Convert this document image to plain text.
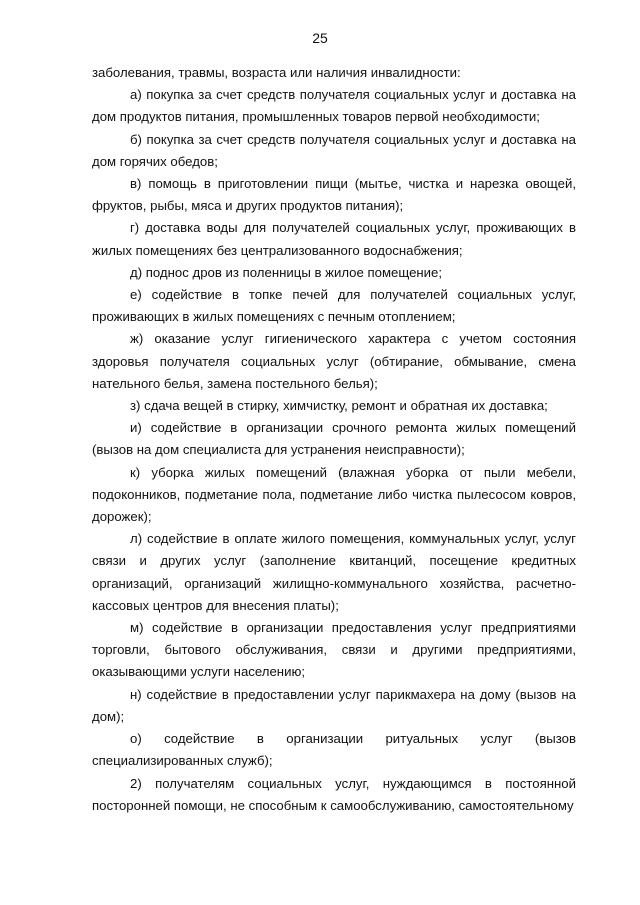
25

заболевания, травмы, возраста или наличия инвалидности:

а) покупка за счет средств получателя социальных услуг и доставка на дом продуктов питания, промышленных товаров первой необходимости;

б) покупка за счет средств получателя социальных услуг и доставка на дом горячих обедов;

в) помощь в приготовлении пищи (мытье, чистка и нарезка овощей, фруктов, рыбы, мяса и других продуктов питания);

г) доставка воды для получателей социальных услуг, проживающих в жилых помещениях без централизованного водоснабжения;

д) поднос дров из поленницы в жилое помещение;

е) содействие в топке печей для получателей социальных услуг, проживающих в жилых помещениях с печным отоплением;

ж) оказание услуг гигиенического характера с учетом состояния здоровья получателя социальных услуг (обтирание, обмывание, смена нательного белья, замена постельного белья);

з) сдача вещей в стирку, химчистку, ремонт и обратная их доставка;

и) содействие в организации срочного ремонта жилых помещений (вызов на дом специалиста для устранения неисправности);

к) уборка жилых помещений (влажная уборка от пыли мебели, подоконников, подметание пола, подметание либо чистка пылесосом ковров, дорожек);

л) содействие в оплате жилого помещения, коммунальных услуг, услуг связи и других услуг (заполнение квитанций, посещение кредитных организаций, организаций жилищно-коммунального хозяйства, расчетно-кассовых центров для внесения платы);

м) содействие в организации предоставления услуг предприятиями торговли, бытового обслуживания, связи и другими предприятиями, оказывающими услуги населению;

н) содействие в предоставлении услуг парикмахера на дому (вызов на дом);

о) содействие в организации ритуальных услуг (вызов специализированных служб);

2) получателям социальных услуг, нуждающимся в постоянной посторонней помощи, не способным к самообслуживанию, самостоятельному
